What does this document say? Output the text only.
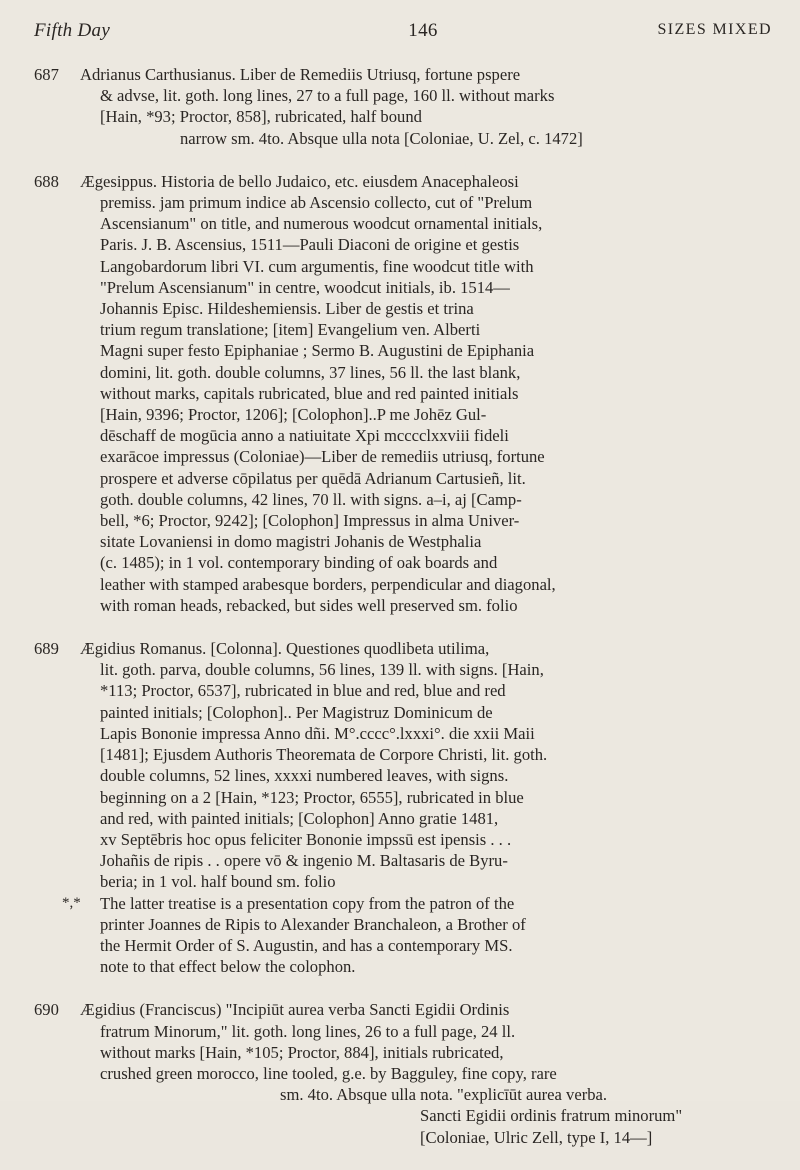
Fifth Day	146	SIZES MIXED
687	Adrianus Carthusianus. Liber de Remediis Utriusq, fortune pspere
& advse, lit. goth. long lines, 27 to a full page, 160 ll. without marks
[Hain, *93; Proctor, 858], rubricated, half bound
narrow sm. 4to. Absque ulla nota [Coloniae, U. Zel, c. 1472]
688	Ægesippus. Historia de bello Judaico, etc. eiusdem Anacephaleosi
premiss. jam primum indice ab Ascensio collecto, cut of "Prelum
Ascensianum" on title, and numerous woodcut ornamental initials,
Paris. J. B. Ascensius, 1511—Pauli Diaconi de origine et gestis
Langobardorum libri VI. cum argumentis, fine woodcut title with
"Prelum Ascensianum" in centre, woodcut initials, ib. 1514—
Johannis Episc. Hildeshemiensis. Liber de gestis et trina
trium regum translatione; [item] Evangelium ven. Alberti
Magni super festo Epiphaniae ; Sermo B. Augustini de Epiphania
domini, lit. goth. double columns, 37 lines, 56 ll. the last blank,
without marks, capitals rubricated, blue and red painted initials
[Hain, 9396; Proctor, 1206]; [Colophon]..P me Johēz Gul-
dēschaff de mogūcia anno a natiuitate Xpi mcccclxxviii fideli
exarācoe impressus (Coloniae)—Liber de remediis utriusq, fortune
prospere et adverse cōpilatus per quēdā Adrianum Cartusieñ, lit.
goth. double columns, 42 lines, 70 ll. with signs. a–i, aj [Camp-
bell, *6; Proctor, 9242]; [Colophon] Impressus in alma Univer-
sitate Lovaniensi in domo magistri Johanis de Westphalia
(c. 1485); in 1 vol. contemporary binding of oak boards and
leather with stamped arabesque borders, perpendicular and diagonal,
with roman heads, rebacked, but sides well preserved sm. folio
689	Ægidius Romanus. [Colonna]. Questiones quodlibeta utilima,
lit. goth. parva, double columns, 56 lines, 139 ll. with signs. [Hain,
*113; Proctor, 6537], rubricated in blue and red, blue and red
painted initials; [Colophon].. Per Magistruz Dominicum de
Lapis Bononie impressa Anno dñi. M°.cccc°.lxxxi°. die xxii Maii
[1481]; Ejusdem Authoris Theoremata de Corpore Christi, lit. goth.
double columns, 52 lines, xxxxi numbered leaves, with signs.
beginning on a 2 [Hain, *123; Proctor, 6555], rubricated in blue
and red, with painted initials; [Colophon] Anno gratie 1481,
xv Septēbris hoc opus feliciter Bononie impssū est ipensis . . .
Johañis de ripis . . opere vō & ingenio M. Baltasaris de Byru-
beria; in 1 vol. half bound sm. folio
*,*	The latter treatise is a presentation copy from the patron of the
printer Joannes de Ripis to Alexander Branchaleon, a Brother of
the Hermit Order of S. Augustin, and has a contemporary MS.
note to that effect below the colophon.
690	Ægidius (Franciscus) "Incipiūt aurea verba Sancti Egidii Ordinis
fratrum Minorum," lit. goth. long lines, 26 to a full page, 24 ll.
without marks [Hain, *105; Proctor, 884], initials rubricated,
crushed green morocco, line tooled, g.e. by Bagguley, fine copy, rare
sm. 4to. Absque ulla nota. "explicīūt aurea verba.
Sancti Egidii ordinis fratrum minorum"
[Coloniae, Ulric Zell, type I, 14—]
